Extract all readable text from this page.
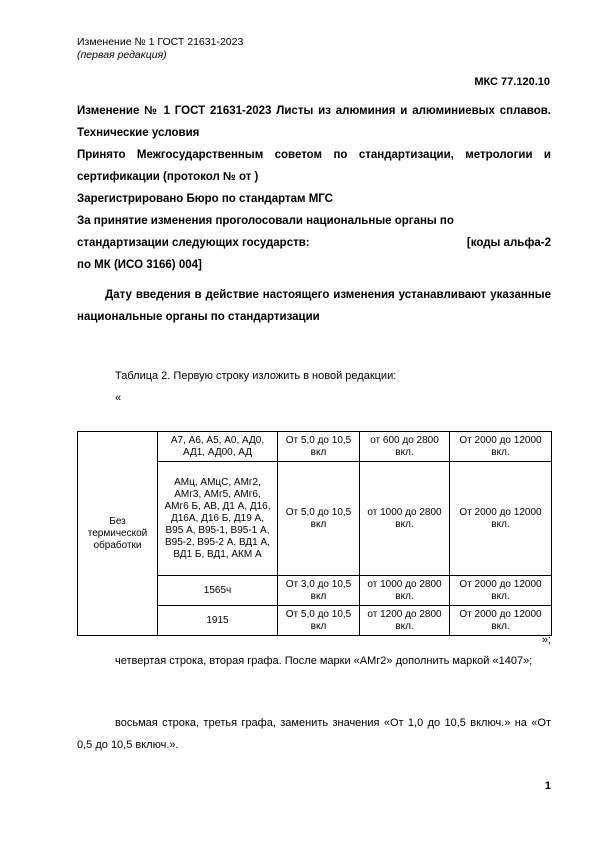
Изменение № 1 ГОСТ 21631-2023
(первая редакция)
МКС 77.120.10

Изменение № 1 ГОСТ 21631-2023 Листы из алюминия и алюминиевых сплавов. Технические условия

Принято Межгосударственным советом по стандартизации, метрологии и сертификации (протокол № от )

Зарегистрировано Бюро по стандартам МГС

За принятие изменения проголосовали национальные органы по

стандартизации следующих государств:	[коды альфа-2

по МК (ИСО 3166) 004]

Дату введения в действие настоящего изменения устанавливают указанные национальные органы по стандартизации

Таблица 2. Первую строку изложить в новой редакции:
«
Без термической обработки	А7, А6, А5, А0, АД0, АД1, АД00, АД	От 5,0 до 10,5 вкл	от 600 до 2800 вкл.	От 2000 до 12000 вкл.
	АМц, АМцС, АМг2, АМг3, АМг5, АМг6, АМг6 Б, АВ, Д1 А, Д16, Д16А, Д16 Б, Д19 А, В95 А, В95-1, В95-1 А, В95-2, В95-2 А, ВД1 А, ВД1 Б, ВД1, АКМ А	От 5,0 до 10,5 вкл	от 1000 до 2800 вкл.	От 2000 до 12000 вкл.
	1565ч	От 3,0 до 10,5 вкл	от 1000 до 2800 вкл.	От 2000 до 12000 вкл.
	1915	От 5,0 до 10,5 вкл	от 1200 до 2800 вкл.	От 2000 до 12000 вкл.
»;

четвертая строка, вторая графа. После марки «АМг2» дополнить маркой «1407»;

восьмая строка, третья графа, заменить значения «От 1,0 до 10,5 включ.» на «От 0,5 до 10,5 включ.».

1
